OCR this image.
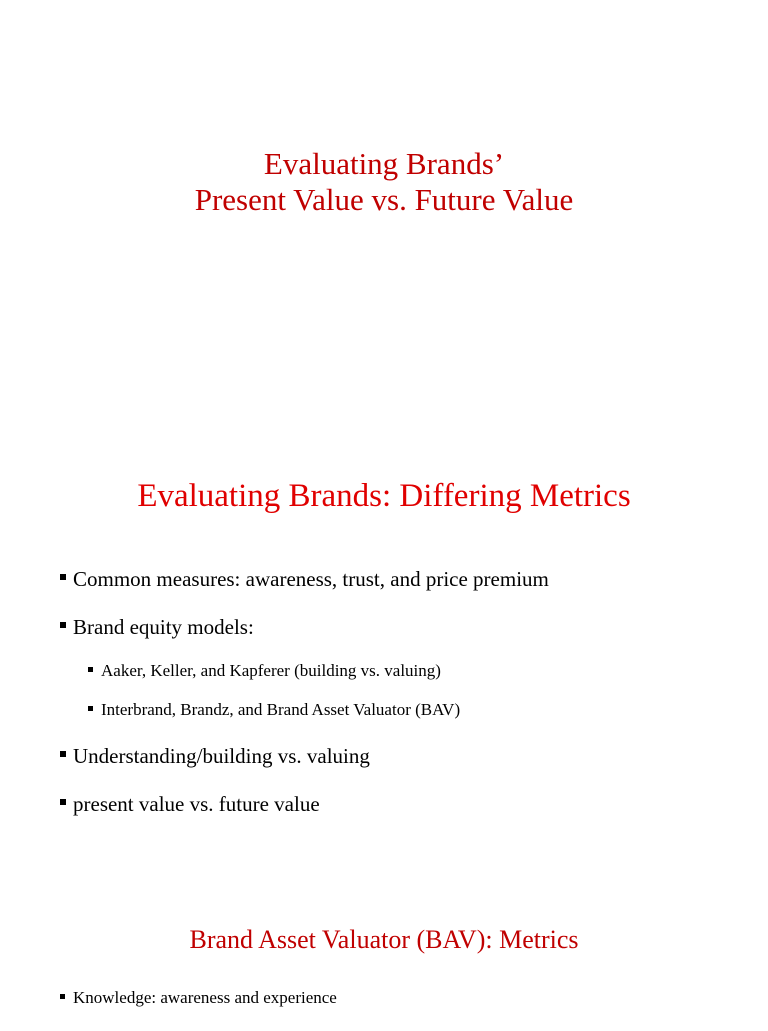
Evaluating Brands’
Present Value vs. Future Value
Evaluating Brands: Differing Metrics
Common measures: awareness, trust, and price premium
Brand equity models:
Aaker, Keller, and Kapferer (building vs. valuing)
Interbrand, Brandz, and Brand Asset Valuator (BAV)
Understanding/building vs. valuing
present value vs. future value
Brand Asset Valuator (BAV): Metrics
Knowledge: awareness and experience
